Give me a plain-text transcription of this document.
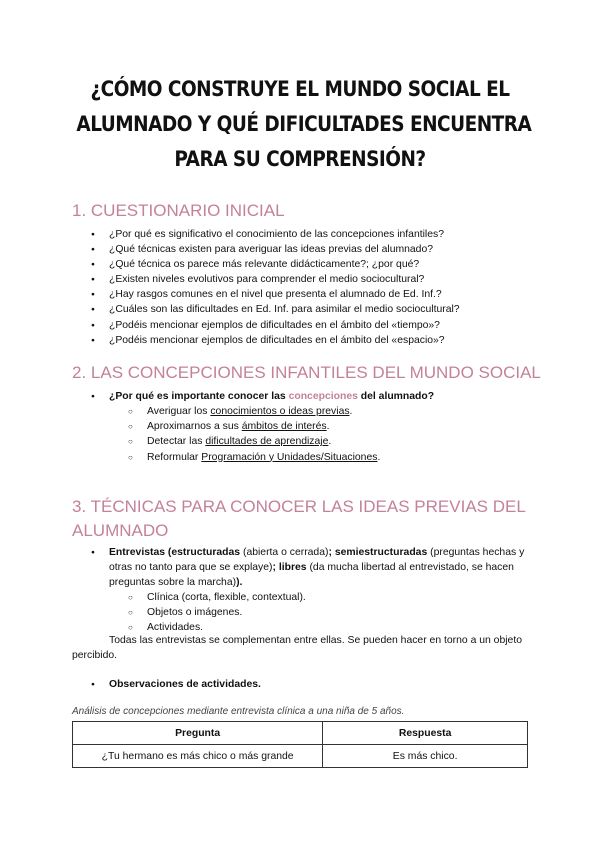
¿CÓMO CONSTRUYE EL MUNDO SOCIAL EL
ALUMNADO Y QUÉ DIFICULTADES ENCUENTRA
PARA SU COMPRENSIÓN?
1. CUESTIONARIO INICIAL
● ¿Por qué es significativo el conocimiento de las concepciones infantiles?
● ¿Qué técnicas existen para averiguar las ideas previas del alumnado?
● ¿Qué técnica os parece más relevante didácticamente?; ¿por qué?
● ¿Existen niveles evolutivos para comprender el medio sociocultural?
● ¿Hay rasgos comunes en el nivel que presenta el alumnado de Ed. Inf.?
● ¿Cuáles son las dificultades en Ed. Inf. para asimilar el medio sociocultural?
● ¿Podéis mencionar ejemplos de dificultades en el ámbito del «tiempo»?
● ¿Podéis mencionar ejemplos de dificultades en el ámbito del «espacio»?
2. LAS CONCEPCIONES INFANTILES DEL MUNDO SOCIAL
● ¿Por qué es importante conocer las concepciones del alumnado?
○ Averiguar los conocimientos o ideas previas.
○ Aproximarnos a sus ámbitos de interés.
○ Detectar las dificultades de aprendizaje.
○ Reformular Programación y Unidades/Situaciones.
3. TÉCNICAS PARA CONOCER LAS IDEAS PREVIAS DEL
ALUMNADO
● Entrevistas (estructuradas (abierta o cerrada); semiestructuradas (preguntas hechas y otras no tanto para que se explaye); libres (da mucha libertad al entrevistado, se hacen preguntas sobre la marcha)).
○ Clínica (corta, flexible, contextual).
○ Objetos o imágenes.
○ Actividades.
Todas las entrevistas se complementan entre ellas. Se pueden hacer en torno a un objeto percibido.
● Observaciones de actividades.
Análisis de concepciones mediante entrevista clínica a una niña de 5 años.
Pregunta	Respuesta
¿Tu hermano es más chico o más grande	Es más chico.
